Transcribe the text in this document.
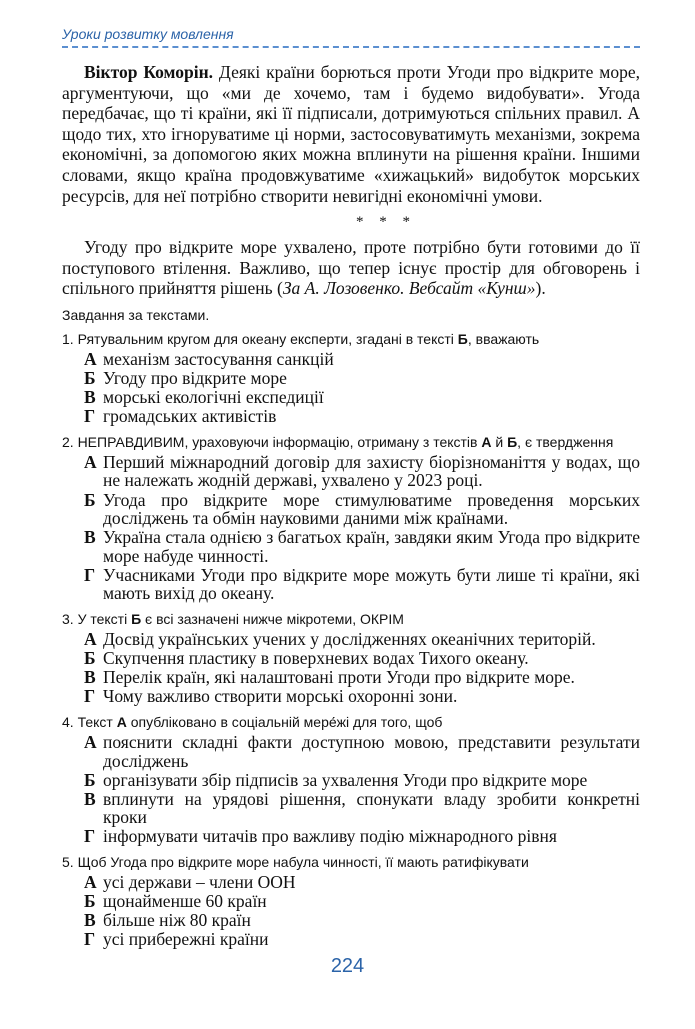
Уроки розвитку мовлення

Віктор Коморін. Деякі країни борються проти Угоди про відкрите море, аргументуючи, що «ми де хочемо, там і будемо видобувати». Угода передбачає, що ті країни, які її підписали, дотримуються спільних правил. А щодо тих, хто ігноруватиме ці норми, застосовуватимуть механізми, зокрема економічні, за допомогою яких можна вплинути на рішення країни. Іншими словами, якщо країна продовжуватиме «хижацький» видобуток морських ресурсів, для неї потрібно створити невигідні економічні умови.

* * *

Угоду про відкрите море ухвалено, проте потрібно бути готовими до її поступового втілення. Важливо, що тепер існує простір для обговорень і спільного прийняття рішень (За А. Лозовенко. Вебсайт «Кунш»).

Завдання за текстами.
1. Рятувальним кругом для океану експерти, згадані в тексті Б, вважають
А механізм застосування санкцій
Б Угоду про відкрите море
В морські екологічні експедиції
Г громадських активістів
2. НЕПРАВДИВИМ, ураховуючи інформацію, отриману з текстів А й Б, є твердження
А Перший міжнародний договір для захисту біорізноманіття у водах, що не належать жодній державі, ухвалено у 2023 році.
Б Угода про відкрите море стимулюватиме проведення морських досліджень та обмін науковими даними між країнами.
В Україна стала однією з багатьох країн, завдяки яким Угода про відкрите море набуде чинності.
Г Учасниками Угоди про відкрите море можуть бути лише ті країни, які мають вихід до океану.
3. У тексті Б є всі зазначені нижче мікротеми, ОКРІМ
А Досвід українських учених у дослідженнях океанічних територій.
Б Скупчення пластику в поверхневих водах Тихого океану.
В Перелік країн, які налаштовані проти Угоди про відкрите море.
Г Чому важливо створити морські охоронні зони.
4. Текст А опубліковано в соціальній мере́жі для того, щоб
А пояснити складні факти доступною мовою, представити результати досліджень
Б організувати збір підписів за ухвалення Угоди про відкрите море
В вплинути на урядові рішення, спонукати владу зробити конкретні кроки
Г інформувати читачів про важливу подію міжнародного рівня
5. Щоб Угода про відкрите море набула чинності, її мають ратифікувати
А усі держави – члени ООН
Б щонайменше 60 країн
В більше ніж 80 країн
Г усі прибережні країни
224
